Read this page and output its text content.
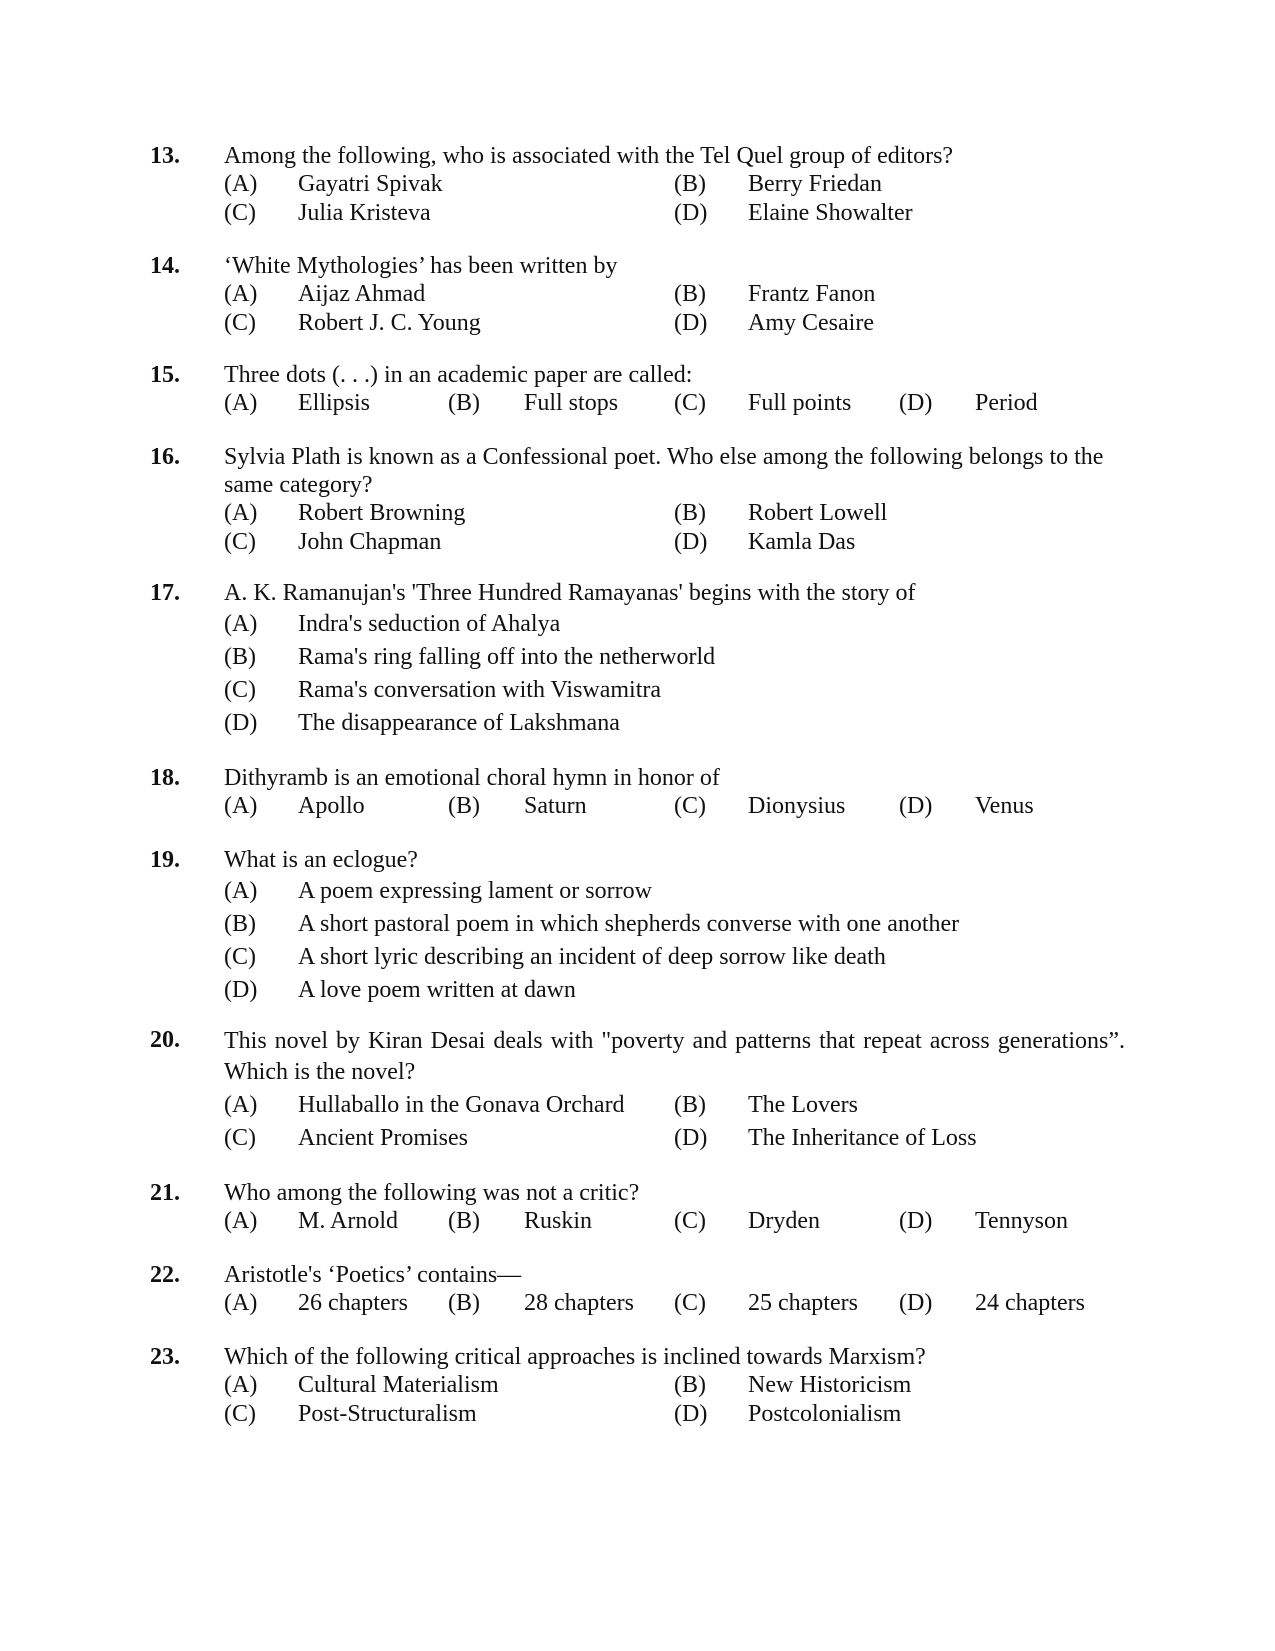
13.	Among the following, who is associated with the Tel Quel group of editors?
(A) Gayatri Spivak	(B) Berry Friedan
(C) Julia Kristeva	(D) Elaine Showalter
14.	‘White Mythologies’ has been written by
(A) Aijaz Ahmad	(B) Frantz Fanon
(C) Robert J. C. Young	(D) Amy Cesaire
15.	Three dots (. . .) in an academic paper are called:
(A) Ellipsis	(B) Full stops (C) Full points (D) Period
16.	Sylvia Plath is known as a Confessional poet. Who else among the following belongs to the same category?
(A) Robert Browning	(B) Robert Lowell
(C) John Chapman	(D) Kamla Das
17.	A. K. Ramanujan's 'Three Hundred Ramayanas' begins with the story of
(A) Indra's seduction of Ahalya
(B) Rama's ring falling off into the netherworld
(C) Rama's conversation with Viswamitra
(D) The disappearance of Lakshmana
18.	Dithyramb is an emotional choral hymn in honor of
(A) Apollo	(B) Saturn	(C) Dionysius (D) Venus
19.	What is an eclogue?
(A) A poem expressing lament or sorrow
(B) A short pastoral poem in which shepherds converse with one another
(C) A short lyric describing an incident of deep sorrow like death
(D) A love poem written at dawn
20.	This novel by Kiran Desai deals with "poverty and patterns that repeat across generations”. Which is the novel?
(A) Hullaballo in the Gonava Orchard (B) The Lovers
(C) Ancient Promises	(D) The Inheritance of Loss
21.	Who among the following was not a critic?
(A) M. Arnold (B) Ruskin	(C) Dryden	(D) Tennyson
22.	Aristotle's ‘Poetics’ contains—
(A) 26 chapters (B) 28 chapters (C) 25 chapters (D) 24 chapters
23.	Which of the following critical approaches is inclined towards Marxism?
(A) Cultural Materialism	(B) New Historicism
(C) Post-Structuralism	(D) Postcolonialism
